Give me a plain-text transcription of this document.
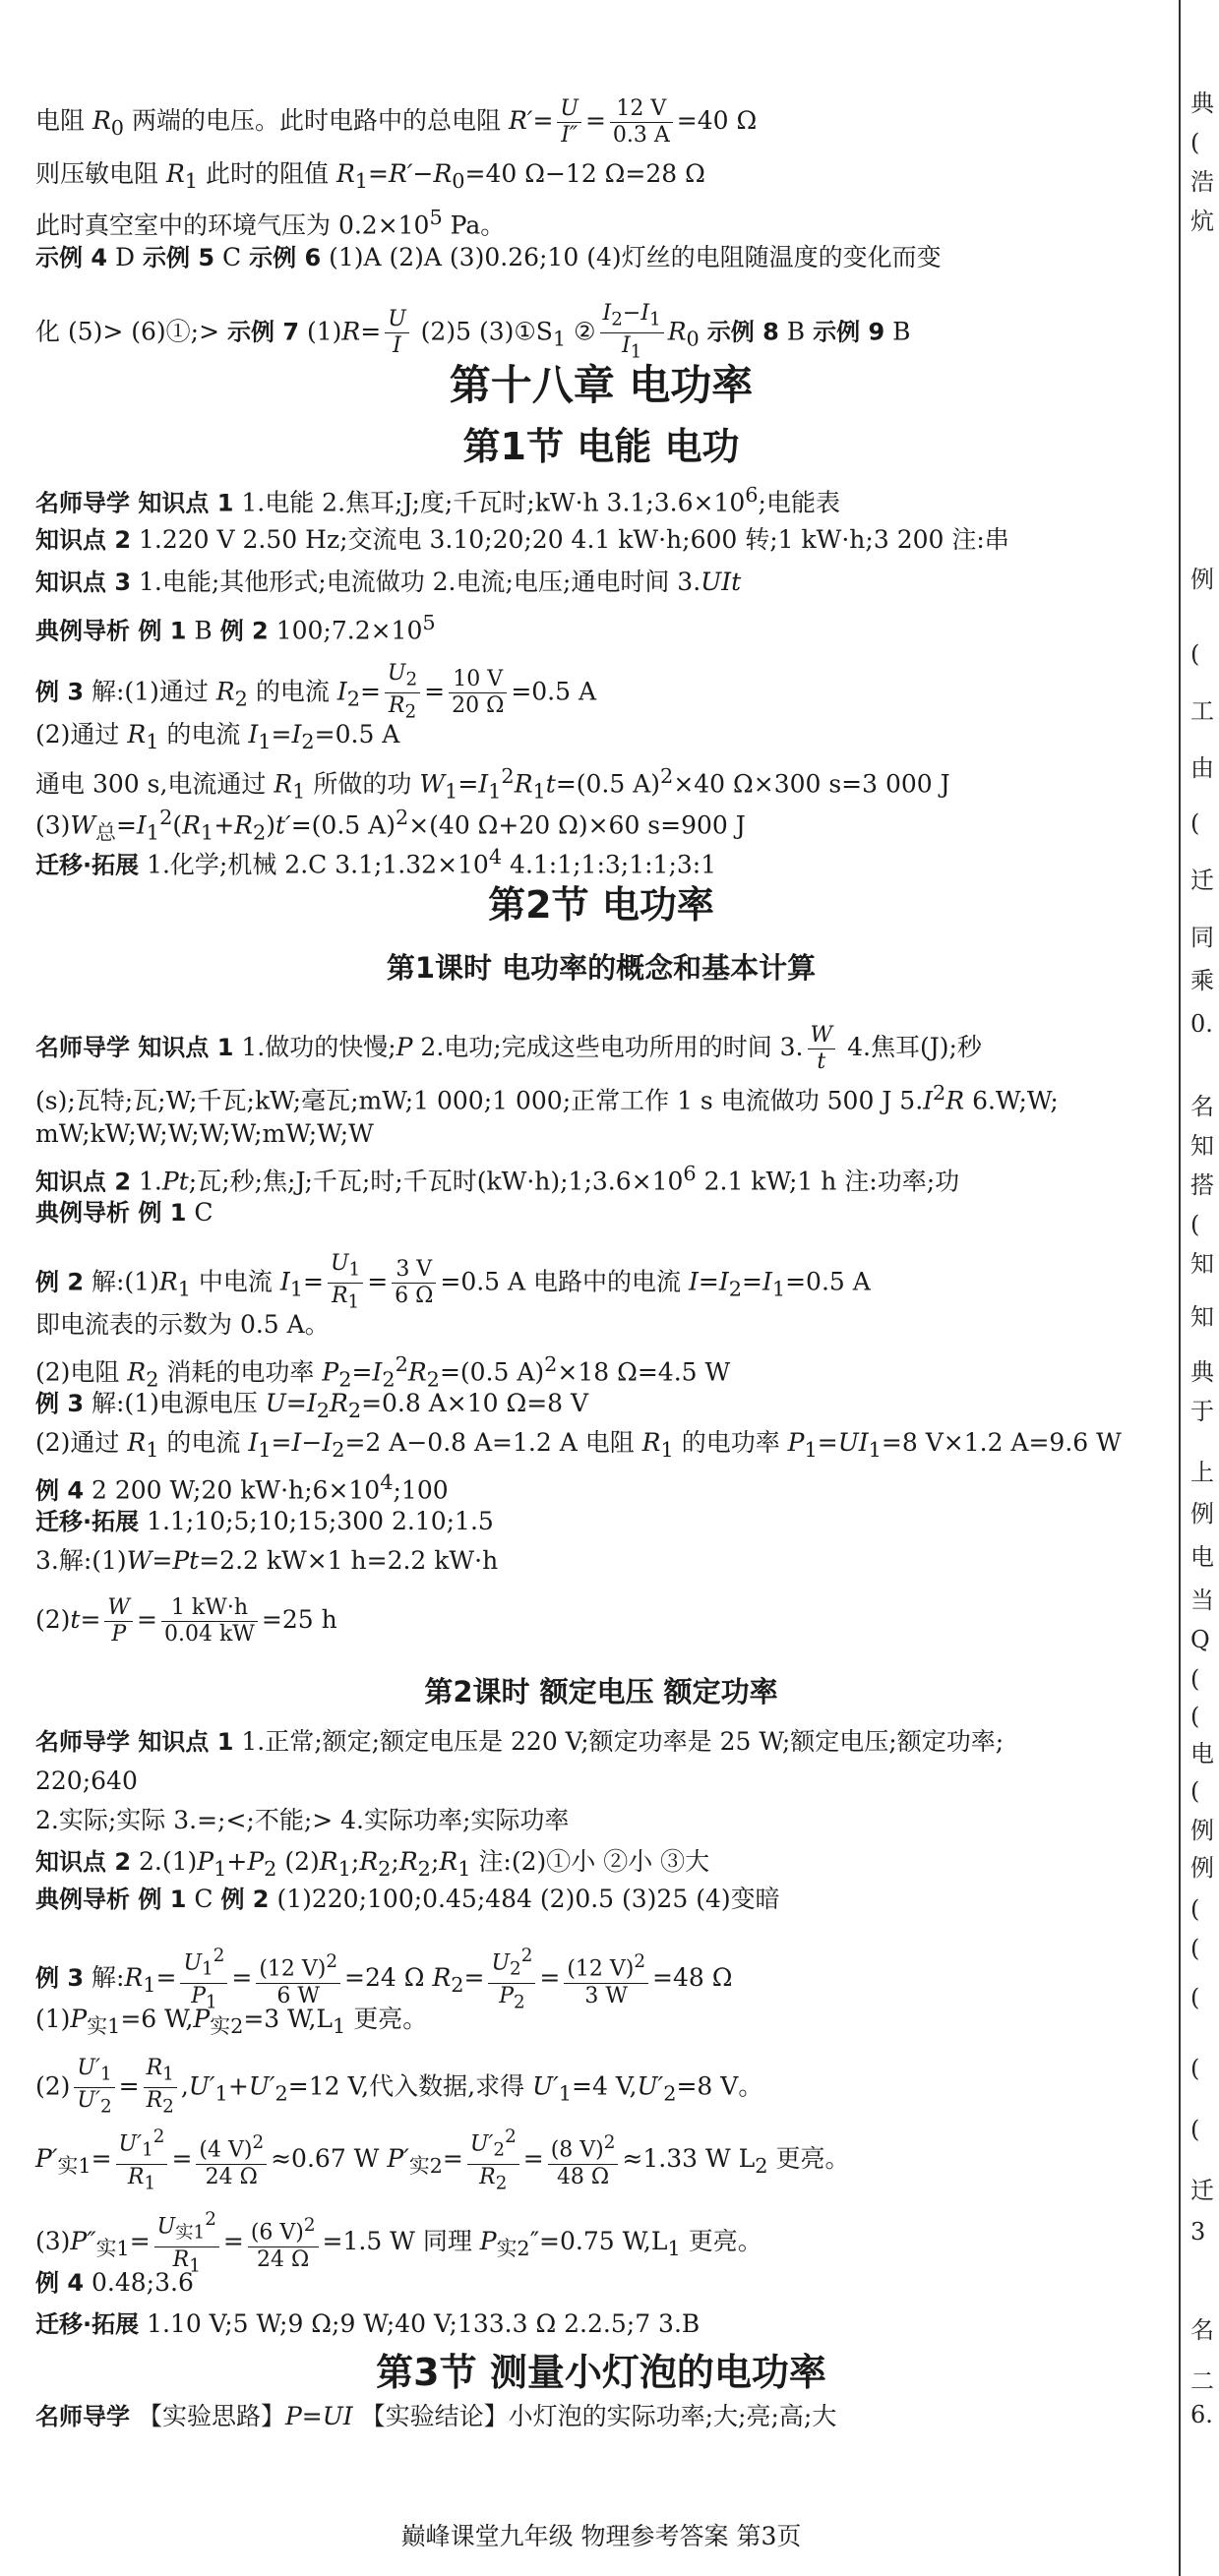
电阻 $R_0$ 两端的电压。此时电路中的总电阻 $R'= \frac{U}{I''} = \frac{12 V}{0.3 A} =40$ Ω
则压敏电阻 $R_1$ 此时的阻值 $R_1=R'-R_0=40$ Ω−12 Ω=28 Ω
此时真空室中的环境气压为 $0.2\times 10^5$ Pa。
示例 4 D 示例 5 C 示例 6 (1)A (2)A (3)0.26;10 (4)灯丝的电阻随温度的变化而变
化 (5)> (6)①;> 示例 7 $(1)R= \frac{U}{I} (2)5$ $(3)①S_1$ ② $\frac{I_2-I_1}{I_1} R_0$ 示例 8 B 示例 9 B
第十八章 电功率
第1节 电能 电功
名师导学 知识点 1 1.电能 2.焦耳;J;度;千瓦时;kW·h $3.1;3.6\times 10^6$;电能表
知识点 2 1.220 V 2.50 Hz;交流电 3.10;20;20 4.1 kW·h;600 转;1 kW·h;3 200 注:串
知识点 3 1.电能;其他形式;电流做功 2.电流;电压;通电时间 3.UIt
典例导析 例 1 B 例 2 $100;7.2\times 10^5$
例 3 解:(1)通过 $R_2$ 的电流 $I_2= \frac{U_2}{R_2} = \frac{10 V}{20 \Omega} =0.5$ A
(2)通过 $R_1$ 的电流 $I_1=I_2=0.5$ A
通电 300 s,电流通过 $R_1$ 所做的功 $W_1=I_1^2R_1t=(0.5$ A)$^2$×40 Ω×300 s=3 000 J
$(3)W_总=I_1^2(R_1+R_2)t'=(0.5$ A)$^2$×(40 Ω+20 Ω)×60 s=900 J
迁移·拓展 1.化学;机械 2.C $3.1;1.32\times 10^4$ 4.1:1;1:3;1:1;3:1
第2节 电功率
第1课时 电功率的概念和基本计算
名师导学 知识点 1 1.做功的快慢;P 2.电功;完成这些电功所用的时间 3. $\frac{W}{t} 4$.焦耳(J);秒
(s);瓦特;瓦;W;千瓦;kW;毫瓦;mW;1 000;1 000;正常工作 1 s 电流做功 500 J $5.I^2R$ 6.W;W;
mW;kW;W;W;W;W;mW;W;W
知识点 2 1.Pt;瓦;秒;焦;J;千瓦;时;千瓦时$(kW\cdot h);1;3.6\times 10^6$ 2.1 kW;1 h 注:功率;功
典例导析 例 1 C
例 2 解$:(1)R_1$ 中电流 $I_1= \frac{U_1}{R_1} = \frac{3 V}{6 \Omega} =0.5$ A 电路中的电流 $I=I_2=I_1=0.5$ A
即电流表的示数为 0.5 A。
(2)电阻 $R_2$ 消耗的电功率 $P_2=I_2^2R_2=(0.5$ A)$^2$×18 Ω=4.5 W
例 3 解:(1)电源电压 $U=I_2R_2=0.8$ A×10 Ω=8 V
(2)通过 $R_1$ 的电流 $I_1=I-I_2=2$ A−0.8 A=1.2 A 电阻 $R_1$ 的电功率 $P_1=UI_1=8$ V×1.2 A=9.6 W
例 4 2 200 W;20 $kW\cdot h;6\times 10^4;100$
迁移·拓展 1.1;10;5;10;15;300 2.10;1.5
3.解:(1)W=Pt=2.2 kW×1 h=2.2 kW·h
$(2)t= \frac{W}{P} = \frac{1 kW\cdot h}{0.04 kW} =25$ h
第2课时 额定电压 额定功率
名师导学 知识点 1 1.正常;额定;额定电压是 220 V;额定功率是 25 W;额定电压;额定功率;
220;640
2.实际;实际 3.=;<;不能;> 4.实际功率;实际功率
知识点 2 $2.(1)P_1+P_2$ $(2)R_1;R_2;R_2;R_1$ 注:(2)①小 ②小 ③大
典例导析 例 1 C 例 2 (1)220;100;0.45;484 (2)0.5 (3)25 (4)变暗
例 3 解$:R_1= \frac{U_1^2}{P_1} = \frac{(12 V)^2}{6 W} =24$ Ω $R_2= \frac{U_2^2}{P_2} = \frac{(12 V)^2}{3 W} =48$ Ω
$(1)P_{实1}=6$ $W,P_{实2}=3$ $W,L_1$ 更亮。
$(2) \frac{U'_1}{U'_2} = \frac{R_1}{R_2} ,U'_1+U'_2=12$ V,代入数据,求得 $U'_1=4$ $V,U'_2=8$ V。
$P'_{实1}= \frac{U'_1^2}{R_1} = \frac{(4 V)^2}{24 \Omega} \approx 0.67$ W $P'_{实2}= \frac{U'_2^2}{R_2} = \frac{(8 V)^2}{48 \Omega} \approx 1.33$ W $L_2$ 更亮。
$(3)P''_{实1}=$
$U_{实1}^2$
$R_1$
= $\frac{(6 V)^2}{24 \Omega} =1.5$ W 同理 $P_{实2}''=0.75$ $W,L_1$ 更亮。
例 4 0.48;3.6
迁移·拓展 1.10 V;5 W;9 Ω;9 W;40 V;133.3 Ω 2.2.5;7 3.B
第3节 测量小灯泡的电功率
名师导学 【实验思路】P=UI 【实验结论】小灯泡的实际功率;大;亮;高;大
巅峰课堂九年级 物理参考答案 第3页
典
(
浩
炕
例
(
工
由
(
迁
同
乘
0.
名
知
搭
(
知
知
典
于
上
例
电
当
Q
(
(
电
(
例
例
(
(
(
(
(
迁
3
名
二
6.
